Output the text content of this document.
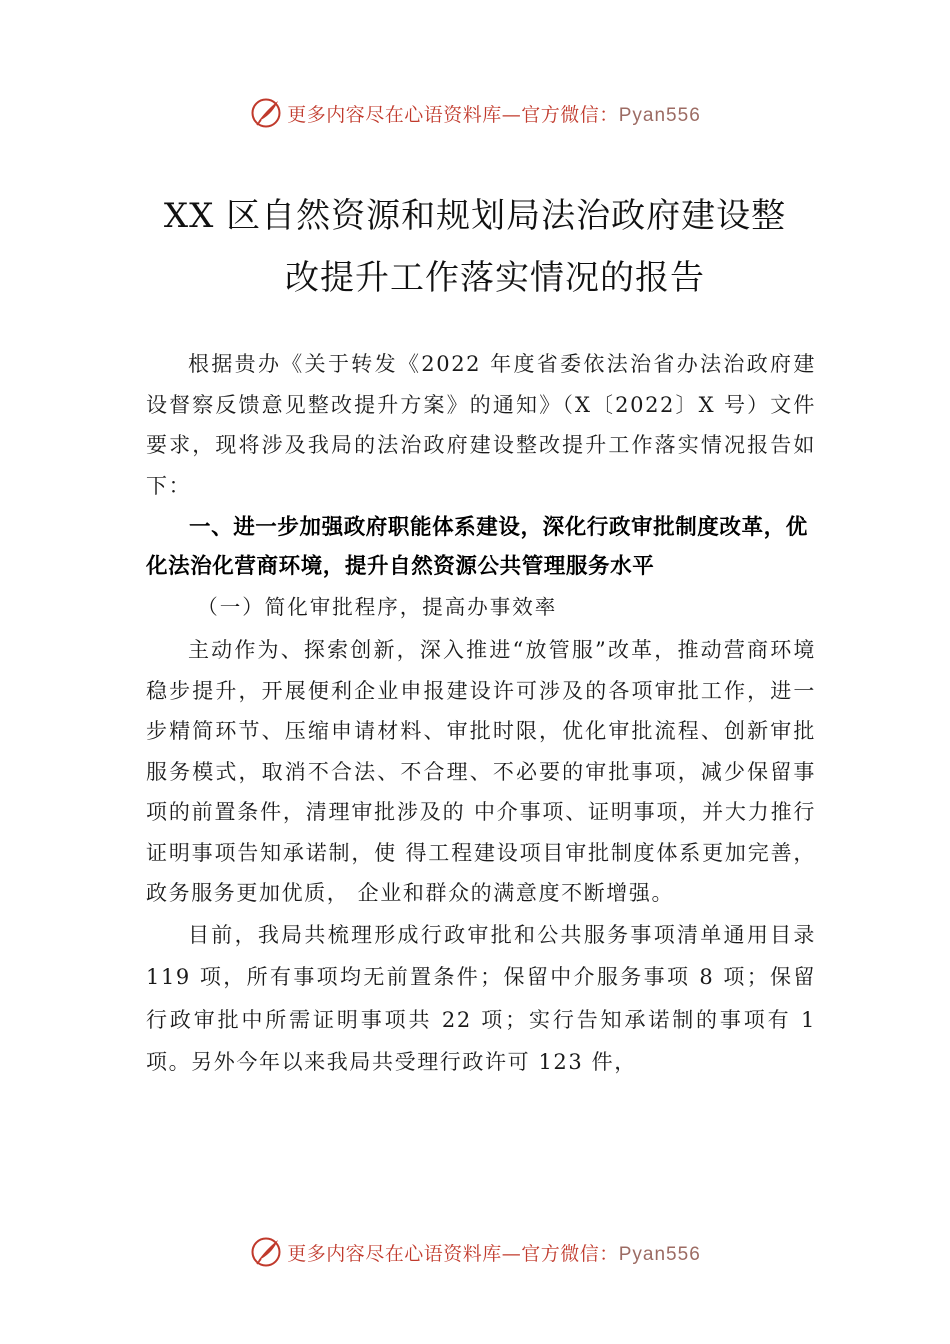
更多内容尽在心语资料库—官方微信：Pyan556
XX 区自然资源和规划局法治政府建设整
改提升工作落实情况的报告

根据贵办《关于转发《2022 年度省委依法治省办法治政府建设督察反馈意见整改提升方案》的通知》（X〔2022〕X 号）文件要求，现将涉及我局的法治政府建设整改提升工作落实情况报告如下：

一、进一步加强政府职能体系建设，深化行政审批制度改革，优化法治化营商环境，提升自然资源公共管理服务水平

（一）简化审批程序，提高办事效率

主动作为、探索创新，深入推进“放管服”改革，推动营商环境稳步提升，开展便利企业申报建设许可涉及的各项审批工作，进一步精简环节、压缩申请材料、审批时限，优化审批流程、创新审批服务模式，取消不合法、不合理、不必要的审批事项，减少保留事项的前置条件，清理审批涉及的 中介事项、证明事项，并大力推行证明事项告知承诺制，使 得工程建设项目审批制度体系更加完善，政务服务更加优质， 企业和群众的满意度不断增强。

目前，我局共梳理形成行政审批和公共服务事项清单通用目录 119 项，所有事项均无前置条件；保留中介服务事项 8 项；保留行政审批中所需证明事项共 22 项；实行告知承诺制的事项有 1 项。另外今年以来我局共受理行政许可 123 件，

更多内容尽在心语资料库—官方微信：Pyan556
